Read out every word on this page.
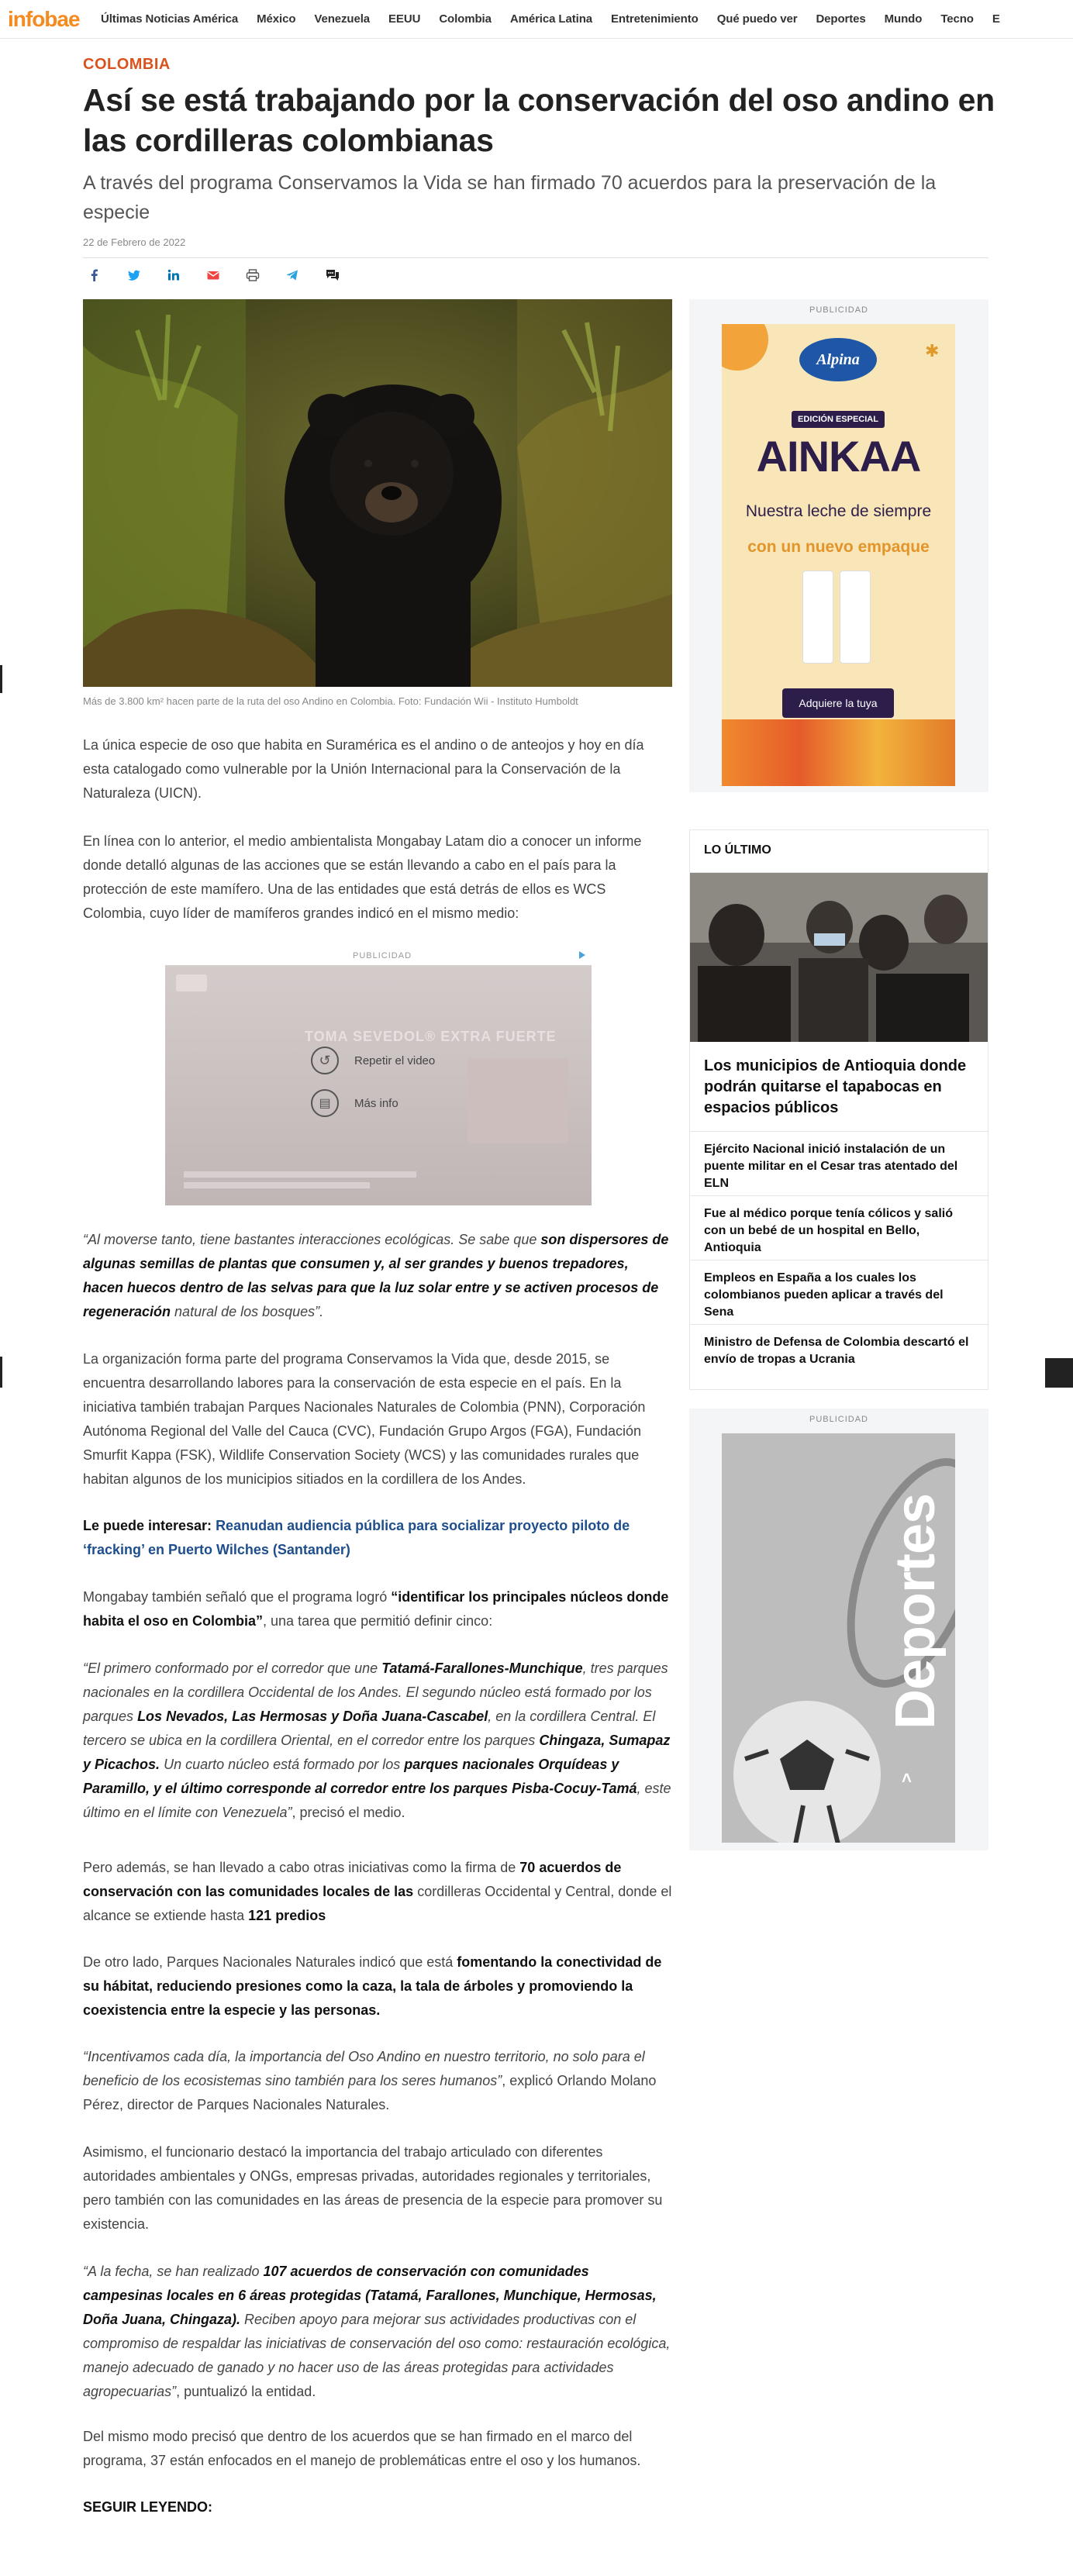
infobae	Últimas Noticias América México Venezuela EEUU Colombia América Latina Entretenimiento Qué puedo ver Deportes Mundo Tecno E
COLOMBIA
Así se está trabajando por la conservación del oso andino en las cordilleras colombianas
A través del programa Conservamos la Vida se han firmado 70 acuerdos para la preservación de la especie
22 de Febrero de 2022
Más de 3.800 km² hacen parte de la ruta del oso Andino en Colombia. Foto: Fundación Wii - Instituto Humboldt

La única especie de oso que habita en Suramérica es el andino o de anteojos y hoy en día esta catalogado como vulnerable por la Unión Internacional para la Conservación de la Naturaleza (UICN).

En línea con lo anterior, el medio ambientalista Mongabay Latam dio a conocer un informe donde detalló algunas de las acciones que se están llevando a cabo en el país para la protección de este mamífero. Una de las entidades que está detrás de ellos es WCS Colombia, cuyo líder de mamíferos grandes indicó en el mismo medio:

PUBLICIDAD
TOMA SEVEDOL® EXTRA FUERTE
↺	Repetir el video
▤	Más info

“Al moverse tanto, tiene bastantes interacciones ecológicas. Se sabe que son dispersores de algunas semillas de plantas que consumen y, al ser grandes y buenos trepadores, hacen huecos dentro de las selvas para que la luz solar entre y se activen procesos de regeneración natural de los bosques”.

La organización forma parte del programa Conservamos la Vida que, desde 2015, se encuentra desarrollando labores para la conservación de esta especie en el país. En la iniciativa también trabajan Parques Nacionales Naturales de Colombia (PNN), Corporación Autónoma Regional del Valle del Cauca (CVC), Fundación Grupo Argos (FGA), Fundación Smurfit Kappa (FSK), Wildlife Conservation Society (WCS) y las comunidades rurales que habitan algunos de los municipios sitiados en la cordillera de los Andes.

Le puede interesar: Reanudan audiencia pública para socializar proyecto piloto de ‘fracking’ en Puerto Wilches (Santander)

Mongabay también señaló que el programa logró “identificar los principales núcleos donde habita el oso en Colombia”, una tarea que permitió definir cinco:

“El primero conformado por el corredor que une Tatamá-Farallones-Munchique, tres parques nacionales en la cordillera Occidental de los Andes. El segundo núcleo está formado por los parques Los Nevados, Las Hermosas y Doña Juana-Cascabel, en la cordillera Central. El tercero se ubica en la cordillera Oriental, en el corredor entre los parques Chingaza, Sumapaz y Picachos. Un cuarto núcleo está formado por los parques nacionales Orquídeas y Paramillo, y el último corresponde al corredor entre los parques Pisba-Cocuy-Tamá, este último en el límite con Venezuela”, precisó el medio.

Pero además, se han llevado a cabo otras iniciativas como la firma de 70 acuerdos de conservación con las comunidades locales de las cordilleras Occidental y Central, donde el alcance se extiende hasta 121 predios

De otro lado, Parques Nacionales Naturales indicó que está fomentando la conectividad de su hábitat, reduciendo presiones como la caza, la tala de árboles y promoviendo la coexistencia entre la especie y las personas.

“Incentivamos cada día, la importancia del Oso Andino en nuestro territorio, no solo para el beneficio de los ecosistemas sino también para los seres humanos”, explicó Orlando Molano Pérez, director de Parques Nacionales Naturales.

Asimismo, el funcionario destacó la importancia del trabajo articulado con diferentes autoridades ambientales y ONGs, empresas privadas, autoridades regionales y territoriales, pero también con las comunidades en las áreas de presencia de la especie para promover su existencia.

“A la fecha, se han realizado 107 acuerdos de conservación con comunidades campesinas locales en 6 áreas protegidas (Tatamá, Farallones, Munchique, Hermosas, Doña Juana, Chingaza). Reciben apoyo para mejorar sus actividades productivas con el compromiso de respaldar las iniciativas de conservación del oso como: restauración ecológica, manejo adecuado de ganado y no hacer uso de las áreas protegidas para actividades agropecuarias”, puntualizó la entidad.

Del mismo modo precisó que dentro de los acuerdos que se han firmado en el marco del programa, 37 están enfocados en el manejo de problemáticas entre el oso y los humanos.

SEGUIR LEYENDO:

PUBLICIDAD
✱
Alpina
EDICIÓN ESPECIAL
AINKAA
Nuestra leche de siempre
con un nuevo empaque
Adquiere la tuya
LO ÚLTIMO
Los municipios de Antioquia donde podrán quitarse el tapabocas en espacios públicos
Ejército Nacional inició instalación de un puente militar en el Cesar tras atentado del ELN
Fue al médico porque tenía cólicos y salió con un bebé de un hospital en Bello, Antioquia
Empleos en España a los cuales los colombianos pueden aplicar a través del Sena
Ministro de Defensa de Colombia descartó el envío de tropas a Ucrania
PUBLICIDAD
Deportes
˄
